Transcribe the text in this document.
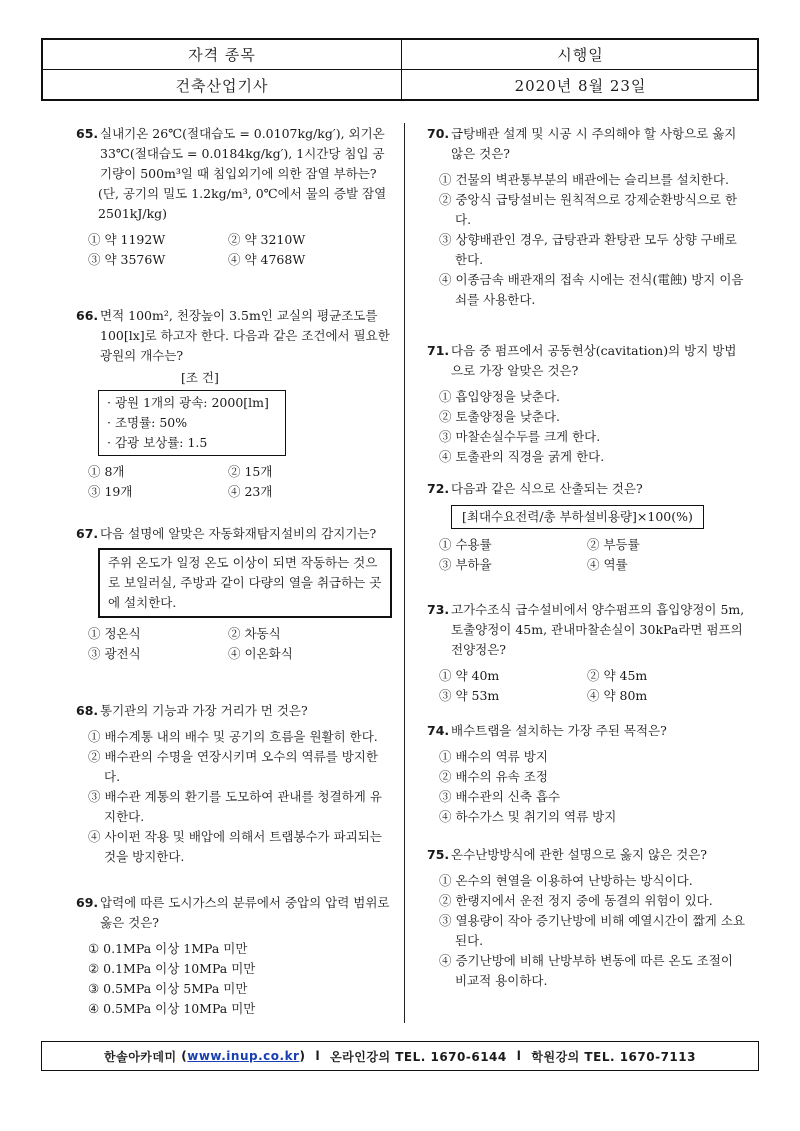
자격 종목	시행일
건축산업기사	2020년 8월 23일
65. 실내기온 26℃(절대습도 = 0.0107kg/kg′), 외기온 33℃(절대습도 = 0.0184kg/kg′), 1시간당 침입 공기량이 500m³일 때 침입외기에 의한 잠열 부하는?
(단, 공기의 밀도 1.2kg/m³, 0℃에서 물의 증발 잠열 2501kJ/kg)
① 약 1192W	② 약 3210W
③ 약 3576W	④ 약 4768W
66. 면적 100m², 천장높이 3.5m인 교실의 평균조도를 100[lx]로 하고자 한다. 다음과 같은 조건에서 필요한 광원의 개수는?
[조 건]
· 광원 1개의 광속: 2000[lm]
· 조명률: 50%
· 감광 보상률: 1.5
① 8개	② 15개
③ 19개	④ 23개
67. 다음 설명에 알맞은 자동화재탐지설비의 감지기는?
주위 온도가 일정 온도 이상이 되면 작동하는 것으로 보일러실, 주방과 같이 다량의 열을 취급하는 곳에 설치한다.
① 정온식	② 차동식
③ 광전식	④ 이온화식
68. 통기관의 기능과 가장 거리가 먼 것은?
① 배수계통 내의 배수 및 공기의 흐름을 원활히 한다.
② 배수관의 수명을 연장시키며 오수의 역류를 방지한다.
③ 배수관 계통의 환기를 도모하여 관내를 청결하게 유지한다.
④ 사이펀 작용 및 배압에 의해서 트랩봉수가 파괴되는 것을 방지한다.
69. 압력에 따른 도시가스의 분류에서 중압의 압력 범위로 옳은 것은?
① 0.1MPa 이상 1MPa 미만
② 0.1MPa 이상 10MPa 미만
③ 0.5MPa 이상 5MPa 미만
④ 0.5MPa 이상 10MPa 미만
70. 급탕배관 설계 및 시공 시 주의해야 할 사항으로 옳지 않은 것은?
① 건물의 벽관통부분의 배관에는 슬리브를 설치한다.
② 중앙식 급탕설비는 원칙적으로 강제순환방식으로 한다.
③ 상향배관인 경우, 급탕관과 환탕관 모두 상향 구배로 한다.
④ 이종금속 배관재의 접속 시에는 전식(電蝕) 방지 이음쇠를 사용한다.
71. 다음 중 펌프에서 공동현상(cavitation)의 방지 방법으로 가장 알맞은 것은?
① 흡입양정을 낮춘다.
② 토출양정을 낮춘다.
③ 마찰손실수두를 크게 한다.
④ 토출관의 직경을 굵게 한다.
72. 다음과 같은 식으로 산출되는 것은?
[최대수요전력/총 부하설비용량]×100(%)
① 수용률	② 부등률
③ 부하율	④ 역률
73. 고가수조식 급수설비에서 양수펌프의 흡입양정이 5m, 토출양정이 45m, 관내마찰손실이 30kPa라면 펌프의 전양정은?
① 약 40m	② 약 45m
③ 약 53m	④ 약 80m
74. 배수트랩을 설치하는 가장 주된 목적은?
① 배수의 역류 방지
② 배수의 유속 조정
③ 배수관의 신축 흡수
④ 하수가스 및 취기의 역류 방지
75. 온수난방방식에 관한 설명으로 옳지 않은 것은?
① 온수의 현열을 이용하여 난방하는 방식이다.
② 한랭지에서 운전 정지 중에 동결의 위험이 있다.
③ 열용량이 작아 증기난방에 비해 예열시간이 짧게 소요된다.
④ 증기난방에 비해 난방부하 변동에 따른 온도 조절이 비교적 용이하다.
한솔아카데미 ( www.inup.co.kr ) l 온라인강의 TEL. 1670-6144 l 학원강의 TEL. 1670-7113
